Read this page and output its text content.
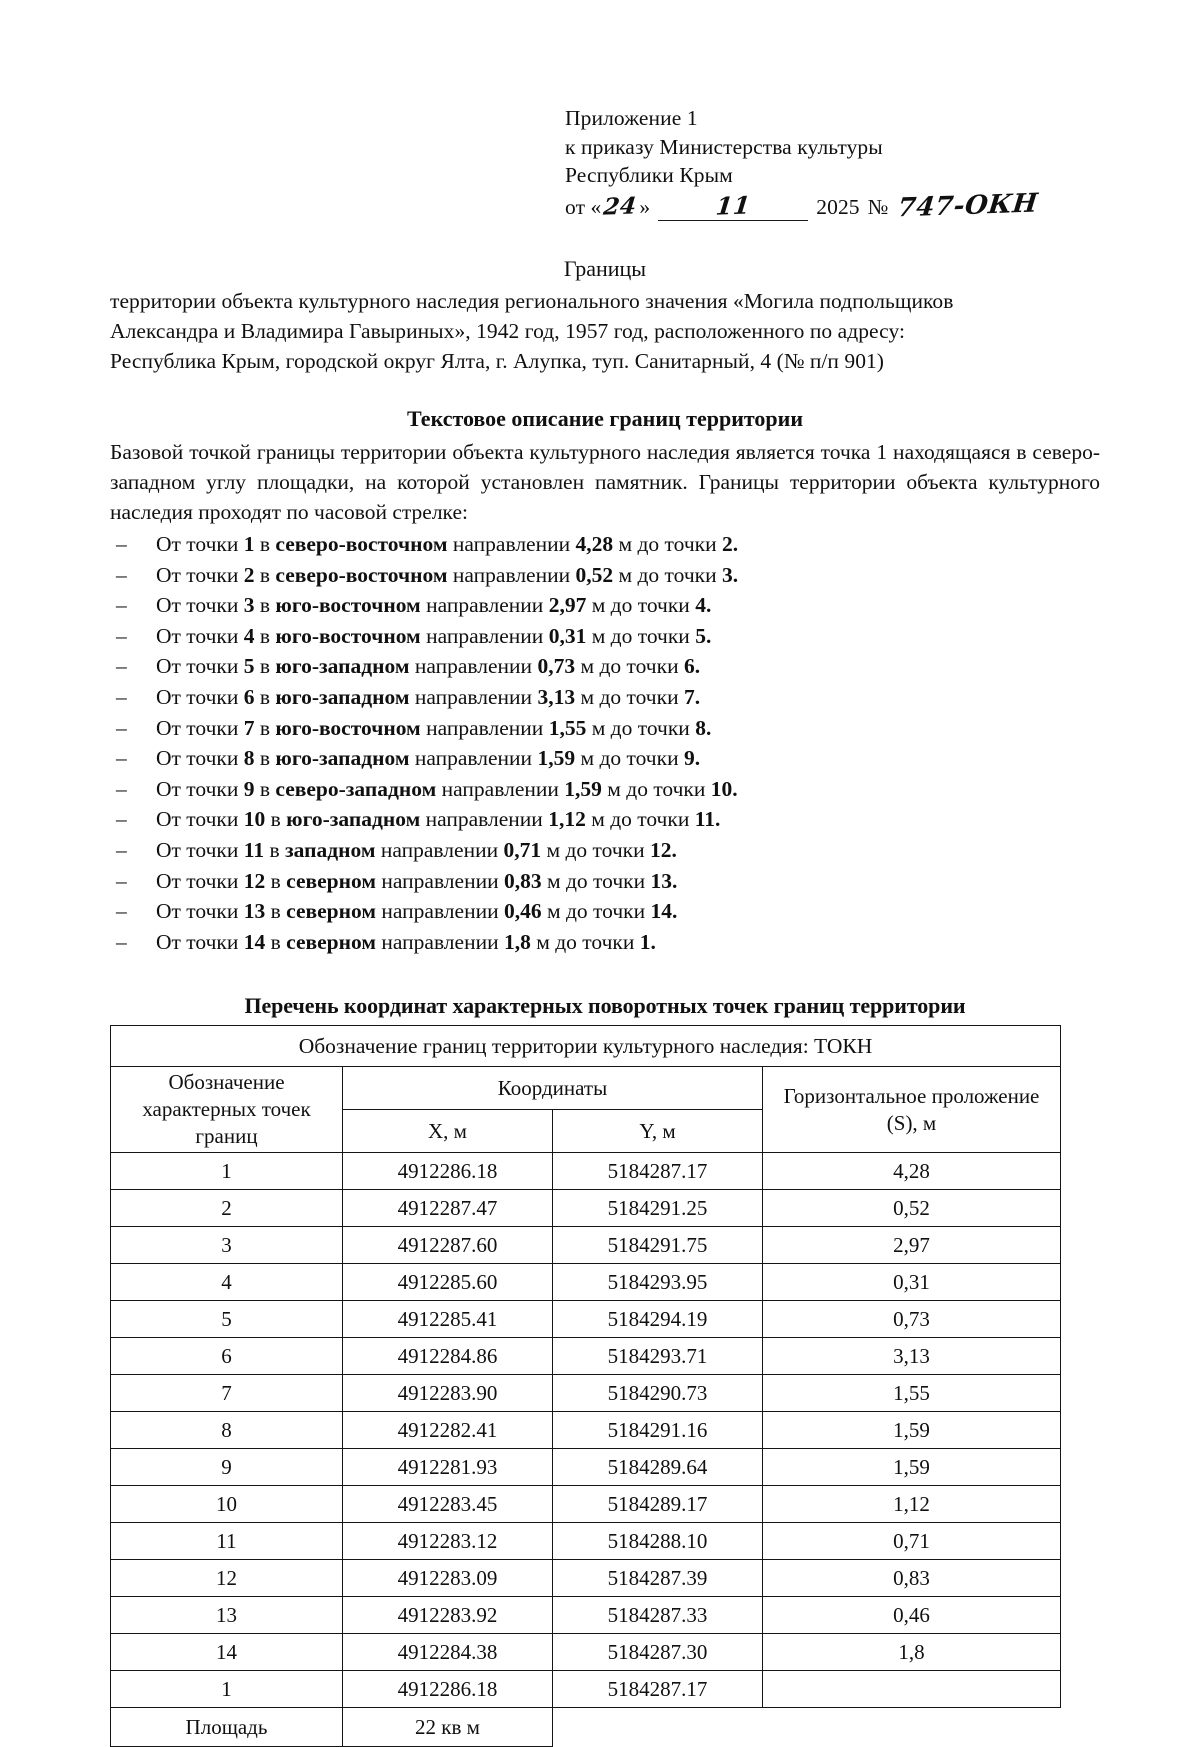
Приложение 1
к приказу Министерства культуры
Республики Крым
от « 24 »	11	2025 № 747-ОКН
Границы
территории объекта культурного наследия регионального значения «Могила подпольщиков
Александра и Владимира Гавыриных», 1942 год, 1957 год, расположенного по адресу:
Республика Крым, городской округ Ялта, г. Алупка, туп. Санитарный, 4 (№ п/п 901)
Текстовое описание границ территории
Базовой точкой границы территории объекта культурного наследия является точка 1 находящаяся в северо-западном углу площадки, на которой установлен памятник. Границы территории объекта культурного наследия проходят по часовой стрелке:
–	От точки 1 в северо-восточном направлении 4,28 м до точки 2.
–	От точки 2 в северо-восточном направлении 0,52 м до точки 3.
–	От точки 3 в юго-восточном направлении 2,97 м до точки 4.
–	От точки 4 в юго-восточном направлении 0,31 м до точки 5.
–	От точки 5 в юго-западном направлении 0,73 м до точки 6.
–	От точки 6 в юго-западном направлении 3,13 м до точки 7.
–	От точки 7 в юго-восточном направлении 1,55 м до точки 8.
–	От точки 8 в юго-западном направлении 1,59 м до точки 9.
–	От точки 9 в северо-западном направлении 1,59 м до точки 10.
–	От точки 10 в юго-западном направлении 1,12 м до точки 11.
–	От точки 11 в западном направлении 0,71 м до точки 12.
–	От точки 12 в северном направлении 0,83 м до точки 13.
–	От точки 13 в северном направлении 0,46 м до точки 14.
–	От точки 14 в северном направлении 1,8 м до точки 1.
Перечень координат характерных поворотных точек границ территории
Обозначение границ территории культурного наследия: ТОКН			
Обозначение характерных точек границ	Координаты		Горизонтальное проложение
(S), м
	X, м	Y, м	
1	4912286.18	5184287.17	4,28
2	4912287.47	5184291.25	0,52
3	4912287.60	5184291.75	2,97
4	4912285.60	5184293.95	0,31
5	4912285.41	5184294.19	0,73
6	4912284.86	5184293.71	3,13
7	4912283.90	5184290.73	1,55
8	4912282.41	5184291.16	1,59
9	4912281.93	5184289.64	1,59
10	4912283.45	5184289.17	1,12
11	4912283.12	5184288.10	0,71
12	4912283.09	5184287.39	0,83
13	4912283.92	5184287.33	0,46
14	4912284.38	5184287.30	1,8
1	4912286.18	5184287.17	
Площадь	22 кв м		
